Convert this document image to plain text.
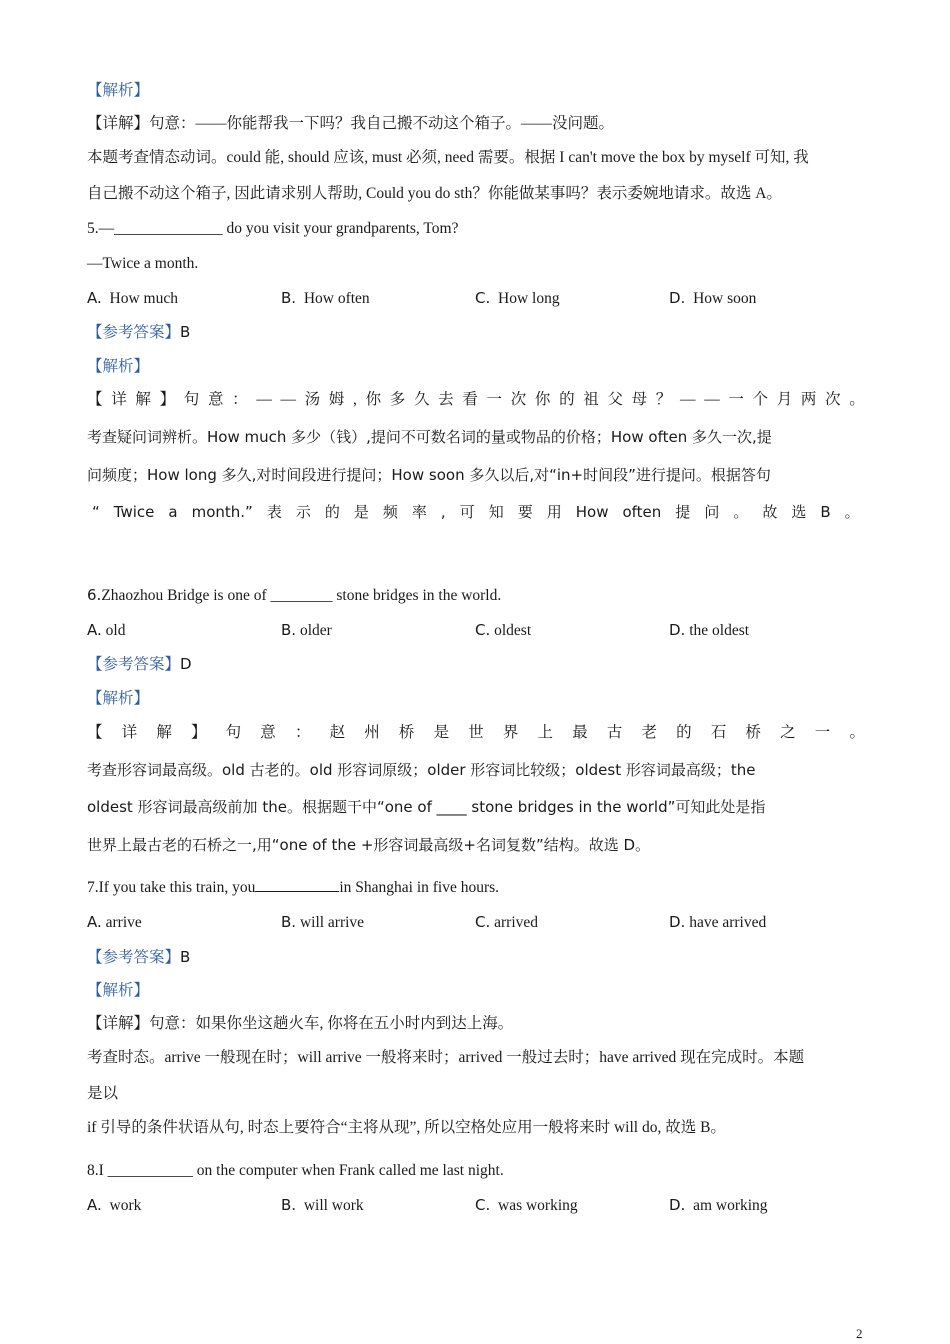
【解析】
【详解】句意：——你能帮我一下吗？我自己搬不动这个箱子。——没问题。
本题考查情态动词。could 能, should 应该, must 必须, need 需要。根据 I can't move the box by myself 可知, 我
自己搬不动这个箱子, 因此请求别人帮助, Could you do sth？你能做某事吗？表示委婉地请求。故选 A。
5.—______________ do you visit your grandparents, Tom?
—Twice a month.
A. How much	B. How often	C. How long	D. How soon
【参考答案】B
【解析】
【 详 解 】 句 意 ： — — 汤 姆 , 你 多 久 去 看 一 次 你 的 祖 父 母 ？ — — 一 个 月 两 次 。
考查疑问词辨析。How much 多少（钱）,提问不可数名词的量或物品的价格；How often 多久一次,提
问频度；How long 多久,对时间段进行提问；How soon 多久以后,对“in+时间段”进行提问。根据答句
“ Twice a month.” 表 示 的 是 频 率 , 可 知 要 用 How often 提 问 。 故 选 B 。
6.Zhaozhou Bridge is one of ________ stone bridges in the world.
A. old	B. older	C. oldest	D. the oldest
【参考答案】D
【解析】
【 详 解 】 句 意 ： 赵 州 桥 是 世 界 上 最 古 老 的 石 桥 之 一 。
考查形容词最高级。old 古老的。old 形容词原级；older 形容词比较级；oldest 形容词最高级；the
oldest 形容词最高级前加 the。根据题干中“one of ____ stone bridges in the world”可知此处是指
世界上最古老的石桥之一,用“one of the +形容词最高级+名词复数”结构。故选 D。
7.If you take this train, you	in Shanghai in five hours.
A. arrive	B. will arrive	C. arrived	D. have arrived
【参考答案】B
【解析】
【详解】句意：如果你坐这趟火车, 你将在五小时内到达上海。
考查时态。arrive 一般现在时；will arrive 一般将来时；arrived 一般过去时；have arrived 现在完成时。本题
是以
if 引导的条件状语从句, 时态上要符合“主将从现”, 所以空格处应用一般将来时 will do, 故选 B。
8.I ___________ on the computer when Frank called me last night.
A. work	B. will work	C. was working	D. am working
2
